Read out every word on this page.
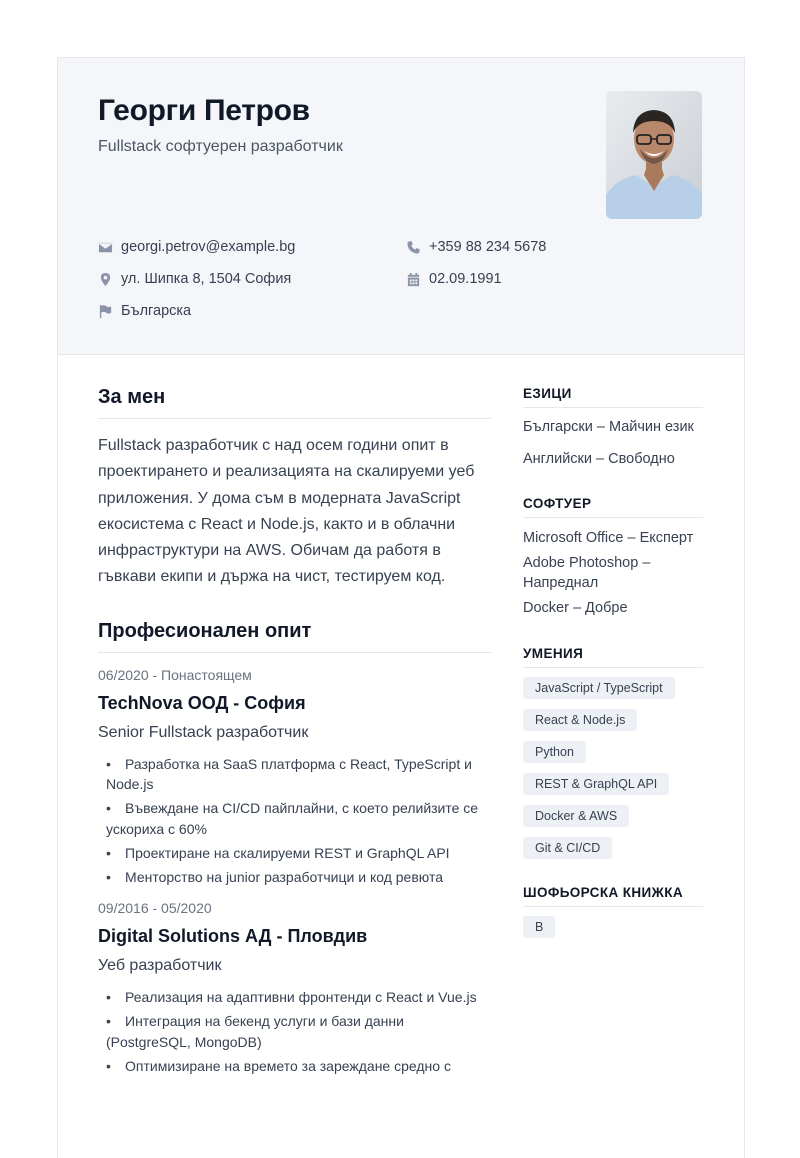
Георги Петров
Fullstack софтуерен разработчик
georgi.petrov@example.bg	+359 88 234 5678
ул. Шипка 8, 1504 София	02.09.1991
Българска
За мен

Fullstack разработчик с над осем години опит в проектирането и реализацията на скалируеми уеб приложения. У дома съм в модерната JavaScript екосистема с React и Node.js, както и в облачни инфраструктури на AWS. Обичам да работя в гъвкави екипи и държа на чист, тестируем код.

Професионален опит
06/2020 - Понастоящем
TechNova ООД - София
Senior Fullstack разработчик
• Разработка на SaaS платформа с React, TypeScript и Node.js
• Въвеждане на CI/CD пайплайни, с което релийзите се ускориха с 60%
• Проектиране на скалируеми REST и GraphQL API
• Менторство на junior разработчици и код ревюта
09/2016 - 05/2020
Digital Solutions АД - Пловдив
Уеб разработчик
• Реализация на адаптивни фронтенди с React и Vue.js
• Интеграция на бекенд услуги и бази данни (PostgreSQL, MongoDB)
• Оптимизиране на времето за зареждане средно с
ЕЗИЦИ
Български – Майчин език
Английски – Свободно
СОФТУЕР
Microsoft Office – Експерт
Adobe Photoshop – Напреднал
Docker – Добре
УМЕНИЯ
JavaScript / TypeScript
React & Node.js
Python
REST & GraphQL API
Docker & AWS
Git & CI/CD
ШОФЬОРСКА КНИЖКА
B
